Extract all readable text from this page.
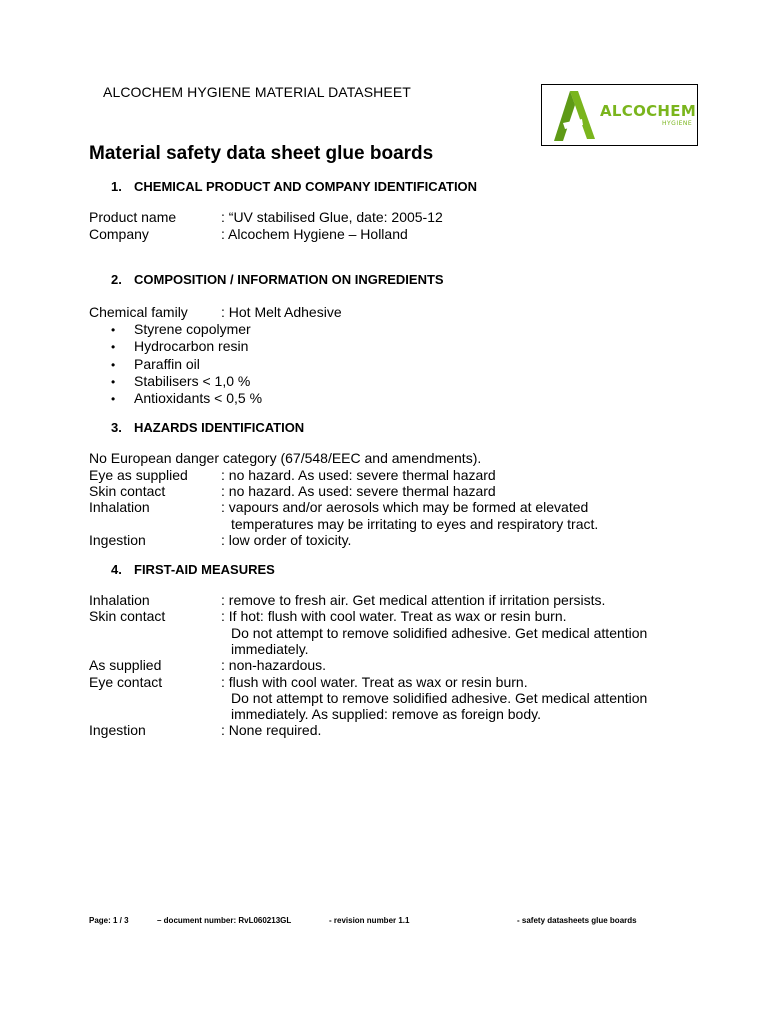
ALCOCHEM HYGIENE MATERIAL DATASHEET
ALCOCHEM
HYGIENE
Material safety data sheet glue boards
1. CHEMICAL PRODUCT AND COMPANY IDENTIFICATION
Product name	: “UV stabilised Glue, date: 2005-12
Company	: Alcochem Hygiene – Holland
2. COMPOSITION / INFORMATION ON INGREDIENTS
Chemical family : Hot Melt Adhesive
• Styrene copolymer
• Hydrocarbon resin
• Paraffin oil
• Stabilisers < 1,0 %
• Antioxidants < 0,5 %
3. HAZARDS IDENTIFICATION
No European danger category (67/548/EEC and amendments).
Eye as supplied : no hazard. As used: severe thermal hazard
Skin contact	: no hazard. As used: severe thermal hazard
Inhalation	: vapours and/or aerosols which may be formed at elevated
temperatures may be irritating to eyes and respiratory tract.
Ingestion	: low order of toxicity.
4. FIRST-AID MEASURES
Inhalation	: remove to fresh air. Get medical attention if irritation persists.
Skin contact	: If hot: flush with cool water. Treat as wax or resin burn.
Do not attempt to remove solidified adhesive. Get medical attention
immediately.
As supplied	: non-hazardous.
Eye contact	: flush with cool water. Treat as wax or resin burn.
Do not attempt to remove solidified adhesive. Get medical attention
immediately. As supplied: remove as foreign body.
Ingestion	: None required.
Page: 1 / 3	– document number: RvL060213GL	- revision number 1.1	- safety datasheets glue boards
